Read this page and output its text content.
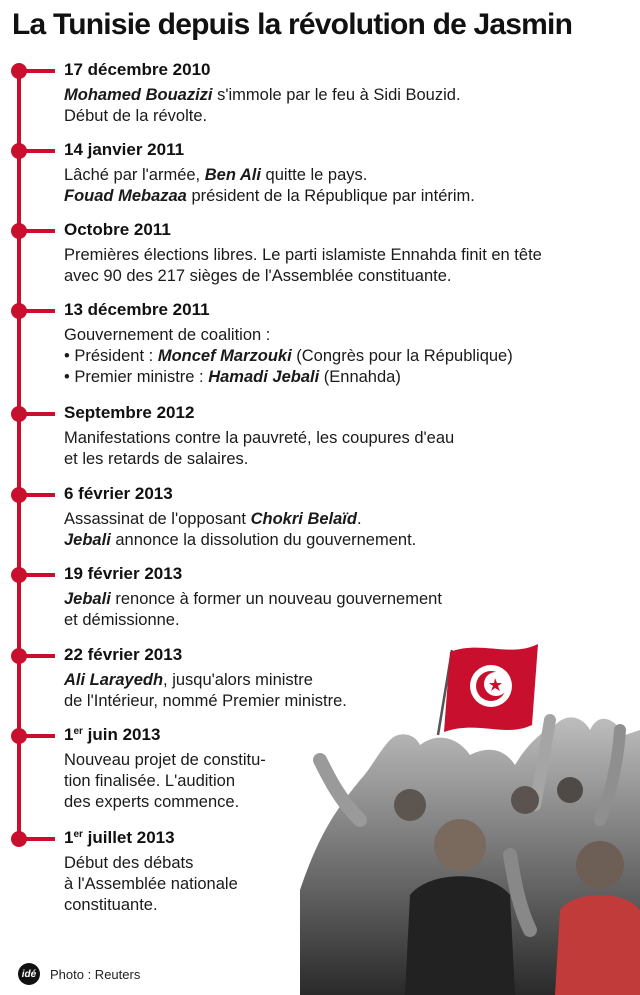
La Tunisie depuis la révolution de Jasmin
17 décembre 2010
Mohamed Bouazizi s'immole par le feu à Sidi Bouzid.
Début de la révolte.
14 janvier 2011
Lâché par l'armée, Ben Ali quitte le pays.
Fouad Mebazaa président de la République par intérim.
Octobre 2011
Premières élections libres. Le parti islamiste Ennahda finit en tête
avec 90 des 217 sièges de l'Assemblée constituante.
13 décembre 2011
Gouvernement de coalition :
• Président : Moncef Marzouki (Congrès pour la République)
• Premier ministre : Hamadi Jebali (Ennahda)
Septembre 2012
Manifestations contre la pauvreté, les coupures d'eau
et les retards de salaires.
6 février 2013
Assassinat de l'opposant Chokri Belaïd.
Jebali annonce la dissolution du gouvernement.
19 février 2013
Jebali renonce à former un nouveau gouvernement
et démissionne.
22 février 2013
Ali Larayedh, jusqu'alors ministre
de l'Intérieur, nommé Premier ministre.
1er juin 2013
Nouveau projet de constitu-
tion finalisée. L'audition
des experts commence.
1er juillet 2013
Début des débats
à l'Assemblée nationale
constituante.
idé Photo : Reuters
